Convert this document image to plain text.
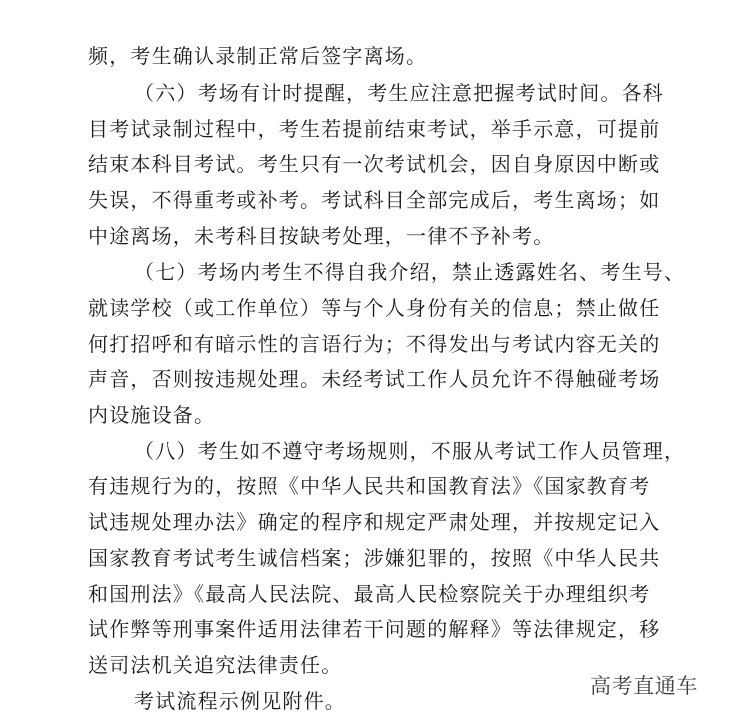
频，考生确认录制正常后签字离场。
（六）考场有计时提醒，考生应注意把握考试时间。各科
目考试录制过程中，考生若提前结束考试，举手示意，可提前
结束本科目考试。考生只有一次考试机会，因自身原因中断或
失误，不得重考或补考。考试科目全部完成后，考生离场；如
中途离场，未考科目按缺考处理，一律不予补考。
（七）考场内考生不得自我介绍，禁止透露姓名、考生号、
就读学校（或工作单位）等与个人身份有关的信息；禁止做任
何打招呼和有暗示性的言语行为；不得发出与考试内容无关的
声音，否则按违规处理。未经考试工作人员允许不得触碰考场
内设施设备。
（八）考生如不遵守考场规则，不服从考试工作人员管理，
有违规行为的，按照《中华人民共和国教育法》《国家教育考
试违规处理办法》确定的程序和规定严肃处理，并按规定记入
国家教育考试考生诚信档案；涉嫌犯罪的，按照《中华人民共
和国刑法》《最高人民法院、最高人民检察院关于办理组织考
试作弊等刑事案件适用法律若干问题的解释》等法律规定，移
送司法机关追究法律责任。
考试流程示例见附件。
高考直通车
